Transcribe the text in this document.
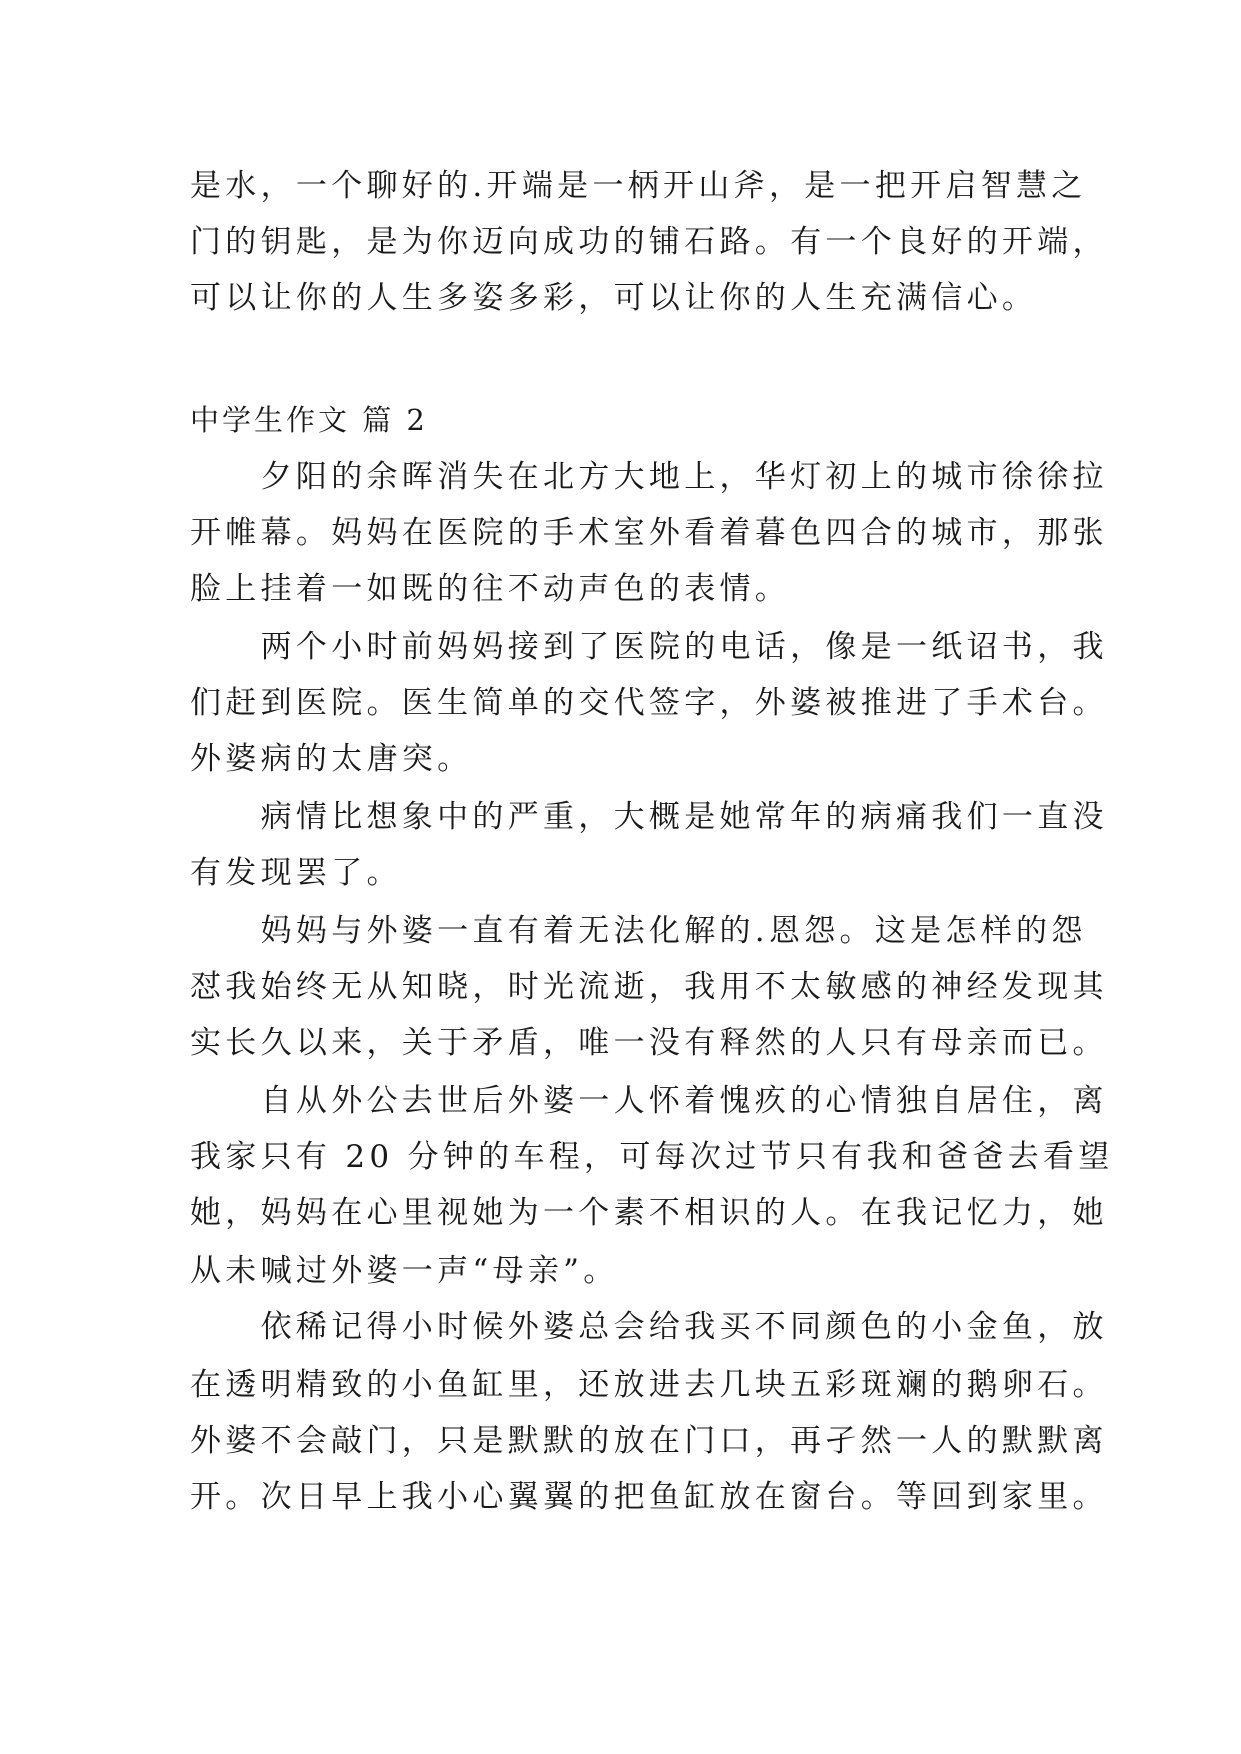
是水，一个聊好的.开端是一柄开山斧，是一把开启智慧之
门的钥匙，是为你迈向成功的铺石路。有一个良好的开端，
可以让你的人生多姿多彩，可以让你的人生充满信心。
中学生作文 篇 2
　　夕阳的余晖消失在北方大地上，华灯初上的城市徐徐拉
开帷幕。妈妈在医院的手术室外看着暮色四合的城市，那张
脸上挂着一如既的往不动声色的表情。
　　两个小时前妈妈接到了医院的电话，像是一纸诏书，我
们赶到医院。医生简单的交代签字，外婆被推进了手术台。
外婆病的太唐突。
　　病情比想象中的严重，大概是她常年的病痛我们一直没
有发现罢了。
　　妈妈与外婆一直有着无法化解的.恩怨。这是怎样的怨
怼我始终无从知晓，时光流逝，我用不太敏感的神经发现其
实长久以来，关于矛盾，唯一没有释然的人只有母亲而已。
　　自从外公去世后外婆一人怀着愧疚的心情独自居住，离
我家只有 20 分钟的车程，可每次过节只有我和爸爸去看望
她，妈妈在心里视她为一个素不相识的人。在我记忆力，她
从未喊过外婆一声“母亲”。
　　依稀记得小时候外婆总会给我买不同颜色的小金鱼，放
在透明精致的小鱼缸里，还放进去几块五彩斑斓的鹅卵石。
外婆不会敲门，只是默默的放在门口，再孑然一人的默默离
开。次日早上我小心翼翼的把鱼缸放在窗台。等回到家里。
